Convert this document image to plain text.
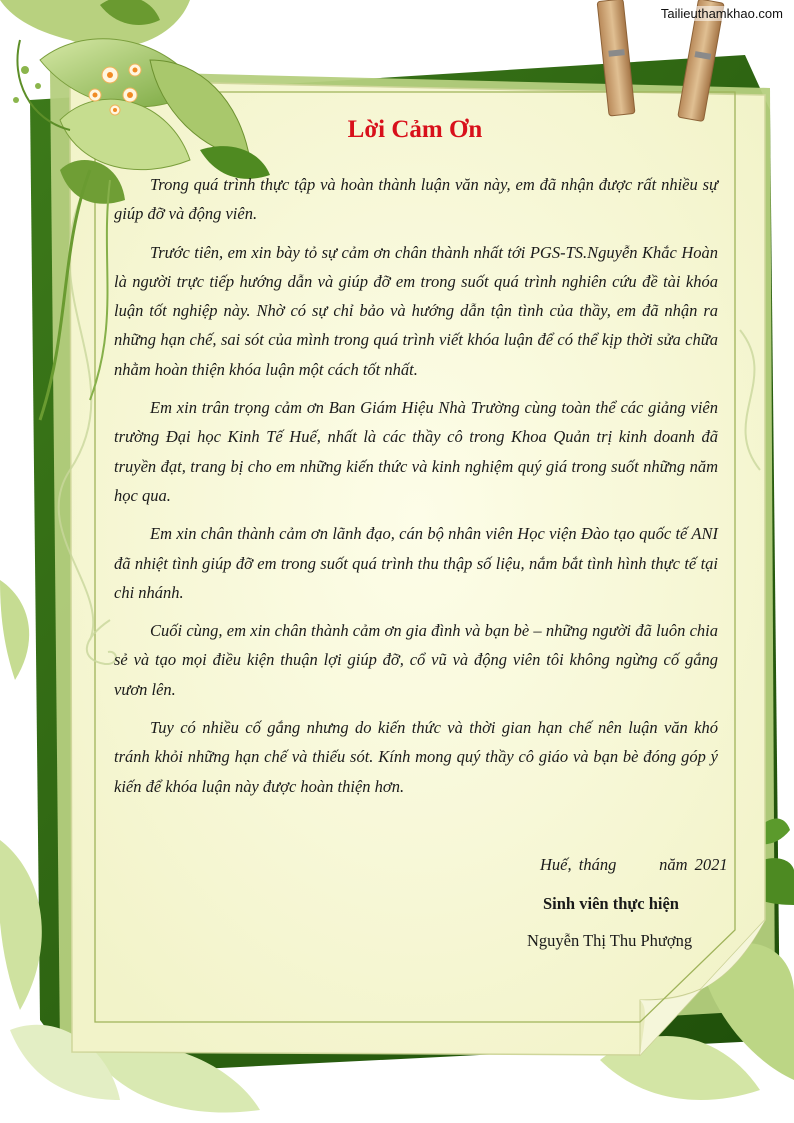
Tailieuthamkhao.com
Lời Cảm Ơn

Trong quá trình thực tập và hoàn thành luận văn này, em đã nhận được rất nhiều sự giúp đỡ và động viên.

Trước tiên, em xin bày tỏ sự cảm ơn chân thành nhất tới PGS-TS.Nguyễn Khắc Hoàn là người trực tiếp hướng dẫn và giúp đỡ em trong suốt quá trình nghiên cứu đề tài khóa luận tốt nghiệp này. Nhờ có sự chỉ bảo và hướng dẫn tận tình của thầy, em đã nhận ra những hạn chế, sai sót của mình trong quá trình viết khóa luận để có thể kịp thời sửa chữa nhằm hoàn thiện khóa luận một cách tốt nhất.

Em xin trân trọng cảm ơn Ban Giám Hiệu Nhà Trường cùng toàn thể các giảng viên trường Đại học Kinh Tế Huế, nhất là các thầy cô trong Khoa Quản trị kinh doanh đã truyền đạt, trang bị cho em những kiến thức và kinh nghiệm quý giá trong suốt những năm học qua.

Em xin chân thành cảm ơn lãnh đạo, cán bộ nhân viên Học viện Đào tạo quốc tế ANI đã nhiệt tình giúp đỡ em trong suốt quá trình thu thập số liệu, nắm bắt tình hình thực tế tại chi nhánh.

Cuối cùng, em xin chân thành cảm ơn gia đình và bạn bè – những người đã luôn chia sẻ và tạo mọi điều kiện thuận lợi giúp đỡ, cổ vũ và động viên tôi không ngừng cố gắng vươn lên.

Tuy có nhiều cố gắng nhưng do kiến thức và thời gian hạn chế nên luận văn khó tránh khỏi những hạn chế và thiếu sót. Kính mong quý thầy cô giáo và bạn bè đóng góp ý kiến để khóa luận này được hoàn thiện hơn.

Huế, tháng      năm 2021
Sinh viên thực hiện
Nguyễn Thị Thu Phượng
